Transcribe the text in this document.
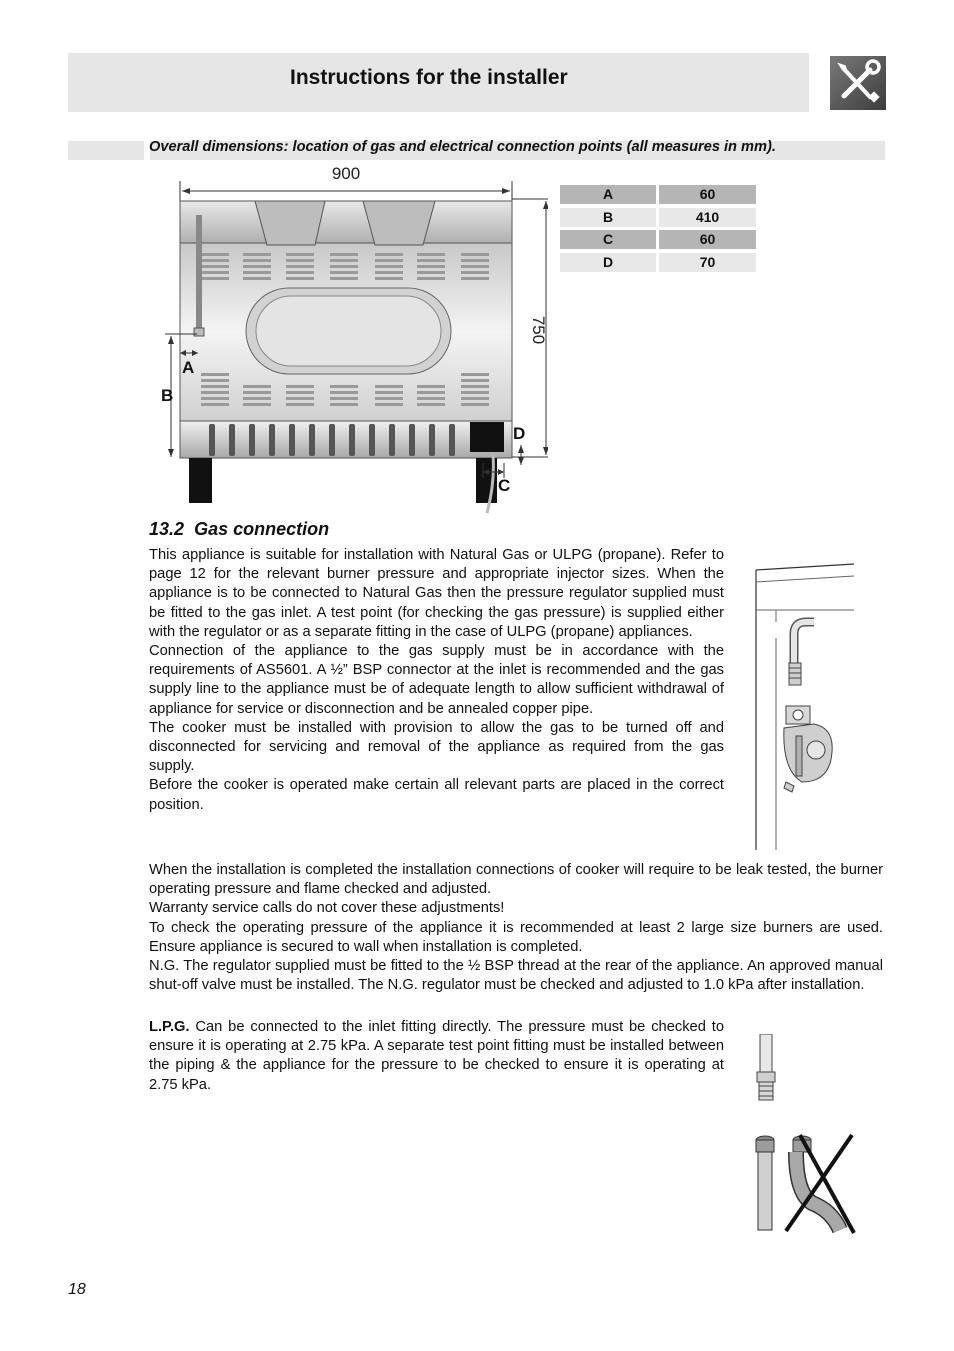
Instructions for the installer
Overall dimensions: location of gas and electrical connection points (all measures in mm).
900
B
A
750
D
C
A	60
B	410
C	60
D	70
13.2 Gas connection

This appliance is suitable for installation with Natural Gas or ULPG (propane). Refer to page 12 for the relevant burner pressure and appropriate injector sizes. When the appliance is to be connected to Natural Gas then the pressure regulator supplied must be fitted to the gas inlet. A test point (for checking the gas pressure) is supplied either with the regulator or as a separate fitting in the case of ULPG (propane) appliances.

Connection of the appliance to the gas supply must be in accordance with the requirements of AS5601. A ½” BSP connector at the inlet is recommended and the gas supply line to the appliance must be of adequate length to allow sufficient withdrawal of appliance for service or disconnection and be annealed copper pipe.

The cooker must be installed with provision to allow the gas to be turned off and disconnected for servicing and removal of the appliance as required from the gas supply.

Before the cooker is operated make certain all relevant parts are placed in the correct position.

When the installation is completed the installation connections of cooker will require to be leak tested, the burner operating pressure and flame checked and adjusted.

Warranty service calls do not cover these adjustments!

To check the operating pressure of the appliance it is recommended at least 2 large size burners are used. Ensure appliance is secured to wall when installation is completed.

N.G. The regulator supplied must be fitted to the ½ BSP thread at the rear of the appliance. An approved manual shut-off valve must be installed. The N.G. regulator must be checked and adjusted to 1.0 kPa after installation.

L.P.G. Can be connected to the inlet fitting directly. The pressure must be checked to ensure it is operating at 2.75 kPa. A separate test point fitting must be installed between the piping & the appliance for the pressure to be checked to ensure it is operating at 2.75 kPa.

18
